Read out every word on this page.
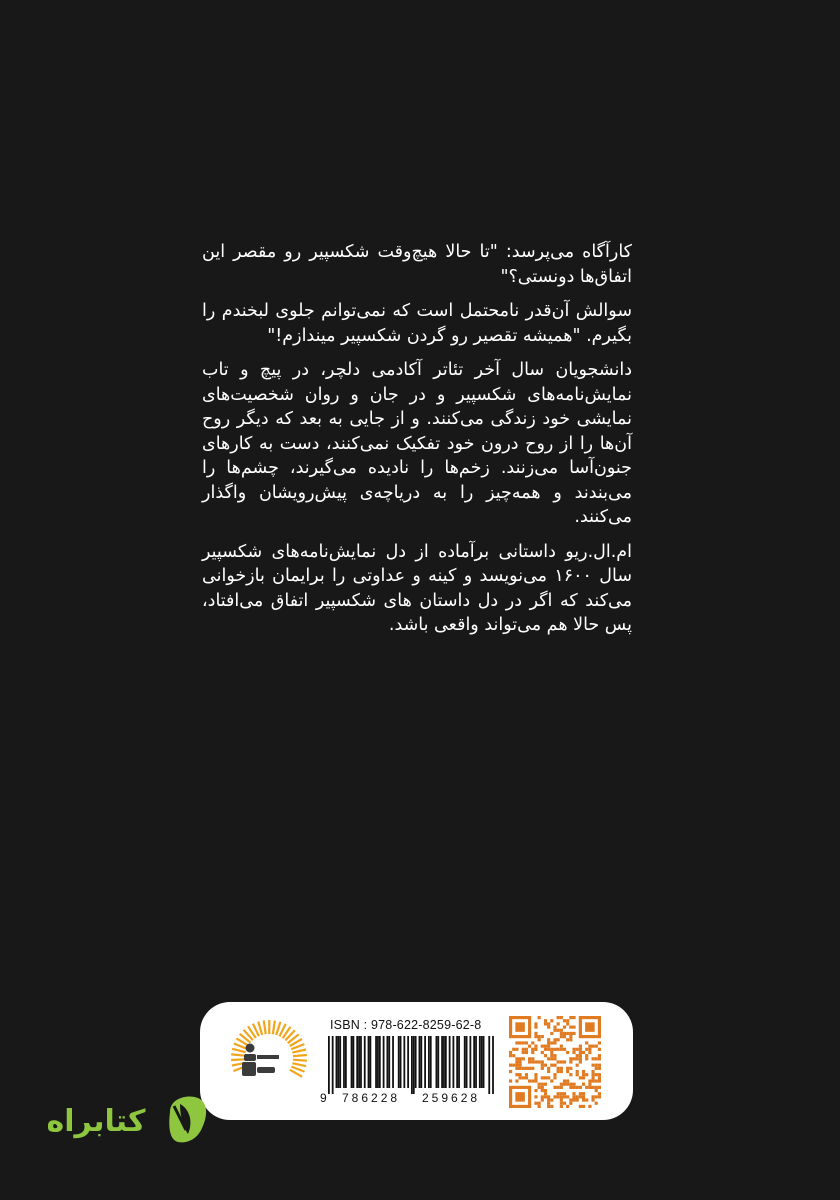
کارآگاه می‌پرسد: "تا حالا هیچ‌وقت شکسپیر رو مقصر این اتفاق‌ها دونستی؟"

سوالش آن‌قدر نامحتمل است که نمی‌توانم جلوی لبخندم را بگیرم. "همیشه تقصیر رو گردن شکسپیر میندازم!"

دانشجویان سال آخر تئاتر آکادمی دلچر، در پیچ و تاب نمایش‌نامه‌های شکسپیر و در جان و روان شخصیت‌های نمایشی خود زندگی می‌کنند. و از جایی به بعد که دیگر روح آن‌ها را از روح درون خود تفکیک نمی‌کنند، دست به کارهای جنون‌آسا می‌زنند. زخم‌ها را نادیده می‌گیرند، چشم‌ها را می‌بندند و همه‌چیز را به دریاچه‌ی پیش‌رویشان واگذار می‌کنند.

ام.ال.ریو داستانی برآماده از دل نمایش‌نامه‌های شکسپیر سال ۱۶۰۰ می‌نویسد و کینه و عداوتی را برایمان بازخوانی می‌کند که اگر در دل داستان های شکسپیر اتفاق می‌افتاد، پس حالا هم می‌تواند واقعی باشد.

ISBN : 978-622-8259-62-8
9 786228 259628
کتابراه
